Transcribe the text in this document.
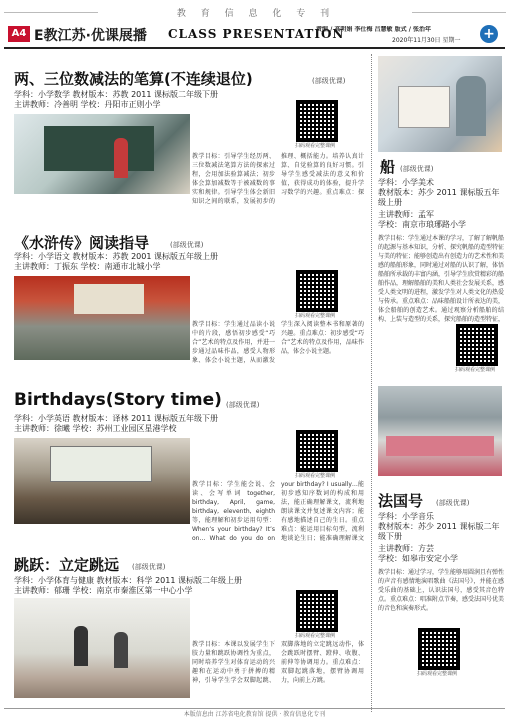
教 育 信 息 化 专 刊
A4 E教江苏·优课展播 CLASS PRESENTATION
责编 / 高明娟 李仕梅 吕慧敏 版式 / 张治年
2020年11月30日 星期一 +
两、三位数减法的笔算(不连续退位)	(部级优课)
学科：小学数学 教材版本：苏教 2011 课标版二年级下册
主讲教师：冷善明 学校：丹阳市正则小学
扫码观看完整课例
教学目标：引导学生经历两、三位数减法笔算方法的探索过程，会用加法验算减法；初步体会算加减数等于被减数的事实和规律。引导学生体会新旧知识之间的联系，发展初步的推理、概括能力。培养认真计算、自觉验算的良好习惯。引导学生感受减法的意义和价值，获得成功的体验，提升学习数学的兴趣。重点难点：探
《水浒传》阅读指导	(部级优课)
学科：小学语文 教材版本：苏教 2001 课标版五年级上册
主讲教师：丁振东 学校：南通市北城小学
扫码观看完整课例
教学目标：学生通过品读小说中的片段，感悟初步感受“巧合”艺术的特点及作用，并进一步通过品味作品，感受人物形象、体会小说主题，从而激发学生深入阅读整本书和原著的兴趣。重点难点：初步感受“巧合”艺术的特点及作用，品味作品，体会小说主题。
船 (部级优课)
学科：小学美术
教材版本：苏少 2011 课标版五年级上册
主讲教师：孟军
学校：南京市琅琊路小学
教学目标：学生通过本课的学习，了解了解帆船的起源与基本知识，分析、探究帆船的造型特征与美的特征；能够创造出有创造力的艺术性和美感的船舶形象，同时通过对船的认识了解，体悟船舶所承载的丰富内涵，引导学生欣赏精彩的船舶作品，理解船舶的美和人类社会发展关系，感受人类文明的进程，激发学生对人类文化的热爱与传承。重点难点：品味船舶设计所表达的美，体会船舶的创造艺术。通过观察分析船舶的结构、上装与造型的关系，探究船舶的造型特征，
扫码观看完整课例
Birthdays(Story time) (部级优课)
学科：小学英语 教材版本：译林 2011 课标版五年级下册
主讲教师：徐曦 学校：苏州工业园区星港学校
扫码观看完整课例
教学目标：学生能会说、会读、会写单词 together, birthday, April, game, birthday, eleventh, eighth 等，能理解和初步运用句型：When’s your birthday? It’s on… What do you do on your birthday? I usually…能初步感知序数词的构成和用法，能正确理解课文，流利地朗读课文并复述课文内容；能有感地描述自己的生日。重点难点：能运用目标句型，流利地谈论生日；能准确理解课文
跳跃：立定跳远 (部级优课)
学科：小学体育与健康 教材版本：科学 2011 课标版二年级上册
主讲教师：郁珊 学校：南京市秦淮区第一中心小学
扫码观看完整课例
教学目标：本课以发展学生下肢力量和跳跃协调性为重点，同时培养学生对体育运动的兴趣和在运动中勇于拼搏的精神，引导学生学会双脚起跳、双脚落地的立定跳远动作，体会跳跃时摆臂、蹬伸、收腹、前伸等协调用力。重点难点：双脚起跳落地，摆臂协调用力，向前上方跳。
法国号 (部级优课)
学科：小学音乐
教材版本：苏少 2011 课标版二年级下册
主讲教师：方芸
学校：如皋市安定小学
教学目标：通过学习，学生能够用圆润且有弹性的声音有感情地演唱歌曲《法国号》，并能在感受乐曲的基础上，认识法国号，感受其音色特点。重点难点：唱准附点节奏，感受法国号优美的音色和演奏形式。
扫码观看完整课例
本版信息由 江苏省电化教育馆 提供 · 教育信息化专刊
